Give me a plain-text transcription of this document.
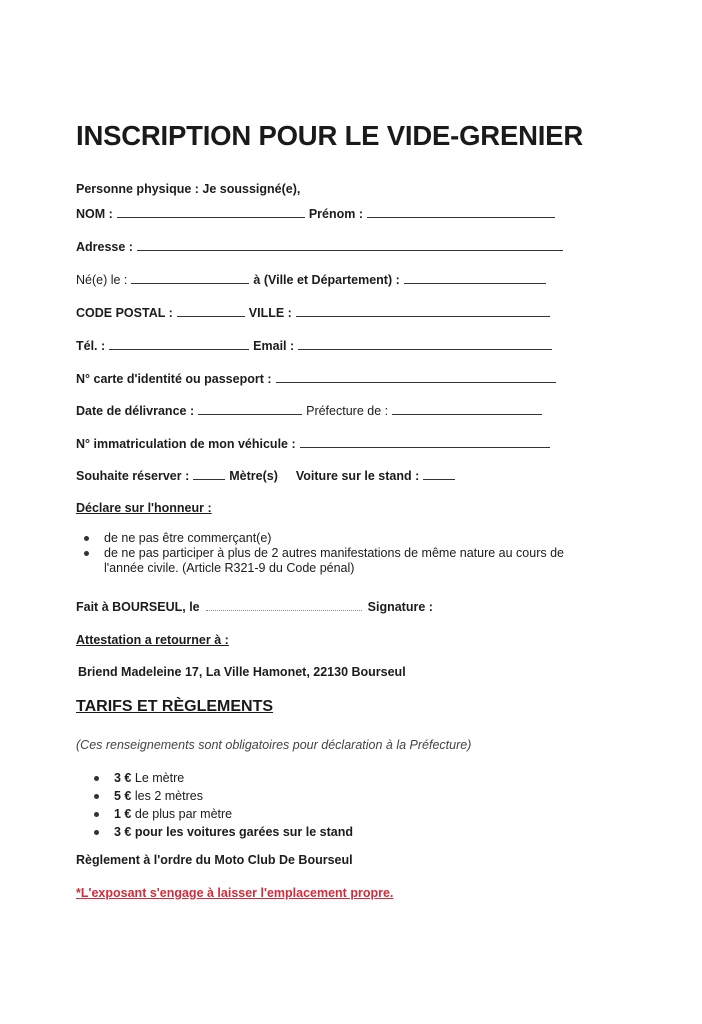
INSCRIPTION POUR LE VIDE-GRENIER
Personne physique : Je soussigné(e),
NOM :	Prénom :
Adresse :
Né(e) le :	à (Ville et Département) :
CODE POSTAL :	VILLE :
Tél. :	Email :
N° carte d'identité ou passeport :
Date de délivrance :	Préfecture de :
N° immatriculation de mon véhicule :
Souhaite réserver :	Mètre(s) Voiture sur le stand :
Déclare sur l'honneur :
de ne pas être commerçant(e)
de ne pas participer à plus de 2 autres manifestations de même nature au cours de
l'année civile. (Article R321-9 du Code pénal)
Fait à BOURSEUL, le	Signature :
Attestation a retourner à :
Briend Madeleine 17, La Ville Hamonet, 22130 Bourseul
TARIFS ET RÈGLEMENTS
(Ces renseignements sont obligatoires pour déclaration à la Préfecture)
3 € Le mètre
5 € les 2 mètres
1 € de plus par mètre
3 € pour les voitures garées sur le stand
Règlement à l'ordre du Moto Club De Bourseul
*L'exposant s'engage à laisser l'emplacement propre.
